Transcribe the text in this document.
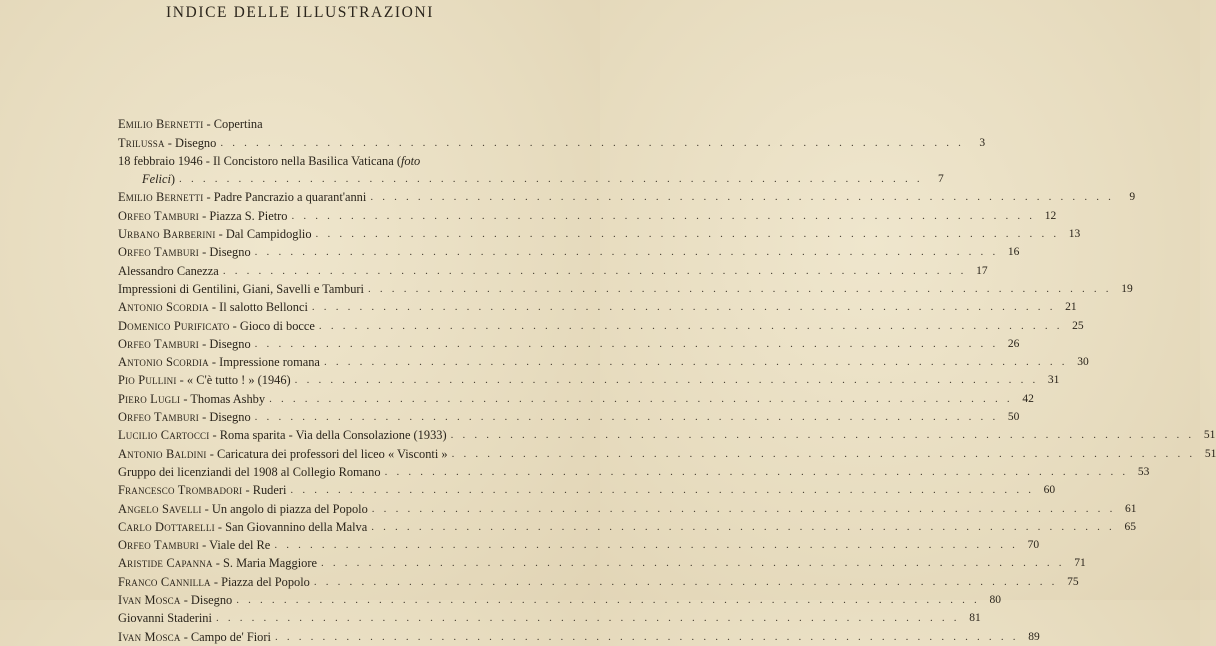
INDICE DELLE ILLUSTRAZIONI
Emilio Bernetti - Copertina
Trilussa - Disegno . . .	3
18 febbraio 1946 - Il Concistoro nella Basilica Vaticana (foto
Felici) . . .	7
Emilio Bernetti - Padre Pancrazio a quarant'anni . . .	9
Orfeo Tamburi - Piazza S. Pietro . . .	12
Urbano Barberini - Dal Campidoglio . . .	13
Orfeo Tamburi - Disegno . . .	16
Alessandro Canezza . . .	17
Impressioni di Gentilini, Giani, Savelli e Tamburi . . .	19
Antonio Scordia - Il salotto Bellonci . . .	21
Domenico Purificato - Gioco di bocce . . .	25
Orfeo Tamburi - Disegno . . .	26
Antonio Scordia - Impressione romana . . .	30
Pio Pullini - « C'è tutto ! » (1946) . . .	31
Piero Lugli - Thomas Ashby . . .	42
Orfeo Tamburi - Disegno . . .	50
Lucilio Cartocci - Roma sparita - Via della Consolazione (1933) . . .	51
Antonio Baldini - Caricatura dei professori del liceo « Visconti » . . .	51
Gruppo dei licenziandi del 1908 al Collegio Romano . . .	53
Francesco Trombadori - Ruderi . . .	60
Angelo Savelli - Un angolo di piazza del Popolo . . .	61
Carlo Dottarelli - San Giovannino della Malva . . .	65
Orfeo Tamburi - Viale del Re . . .	70
Aristide Capanna - S. Maria Maggiore . . .	71
Franco Cannilla - Piazza del Popolo . . .	75
Ivan Mosca - Disegno . . .	80
Giovanni Staderini . . .	81
Ivan Mosca - Campo de' Fiori . . .	89
